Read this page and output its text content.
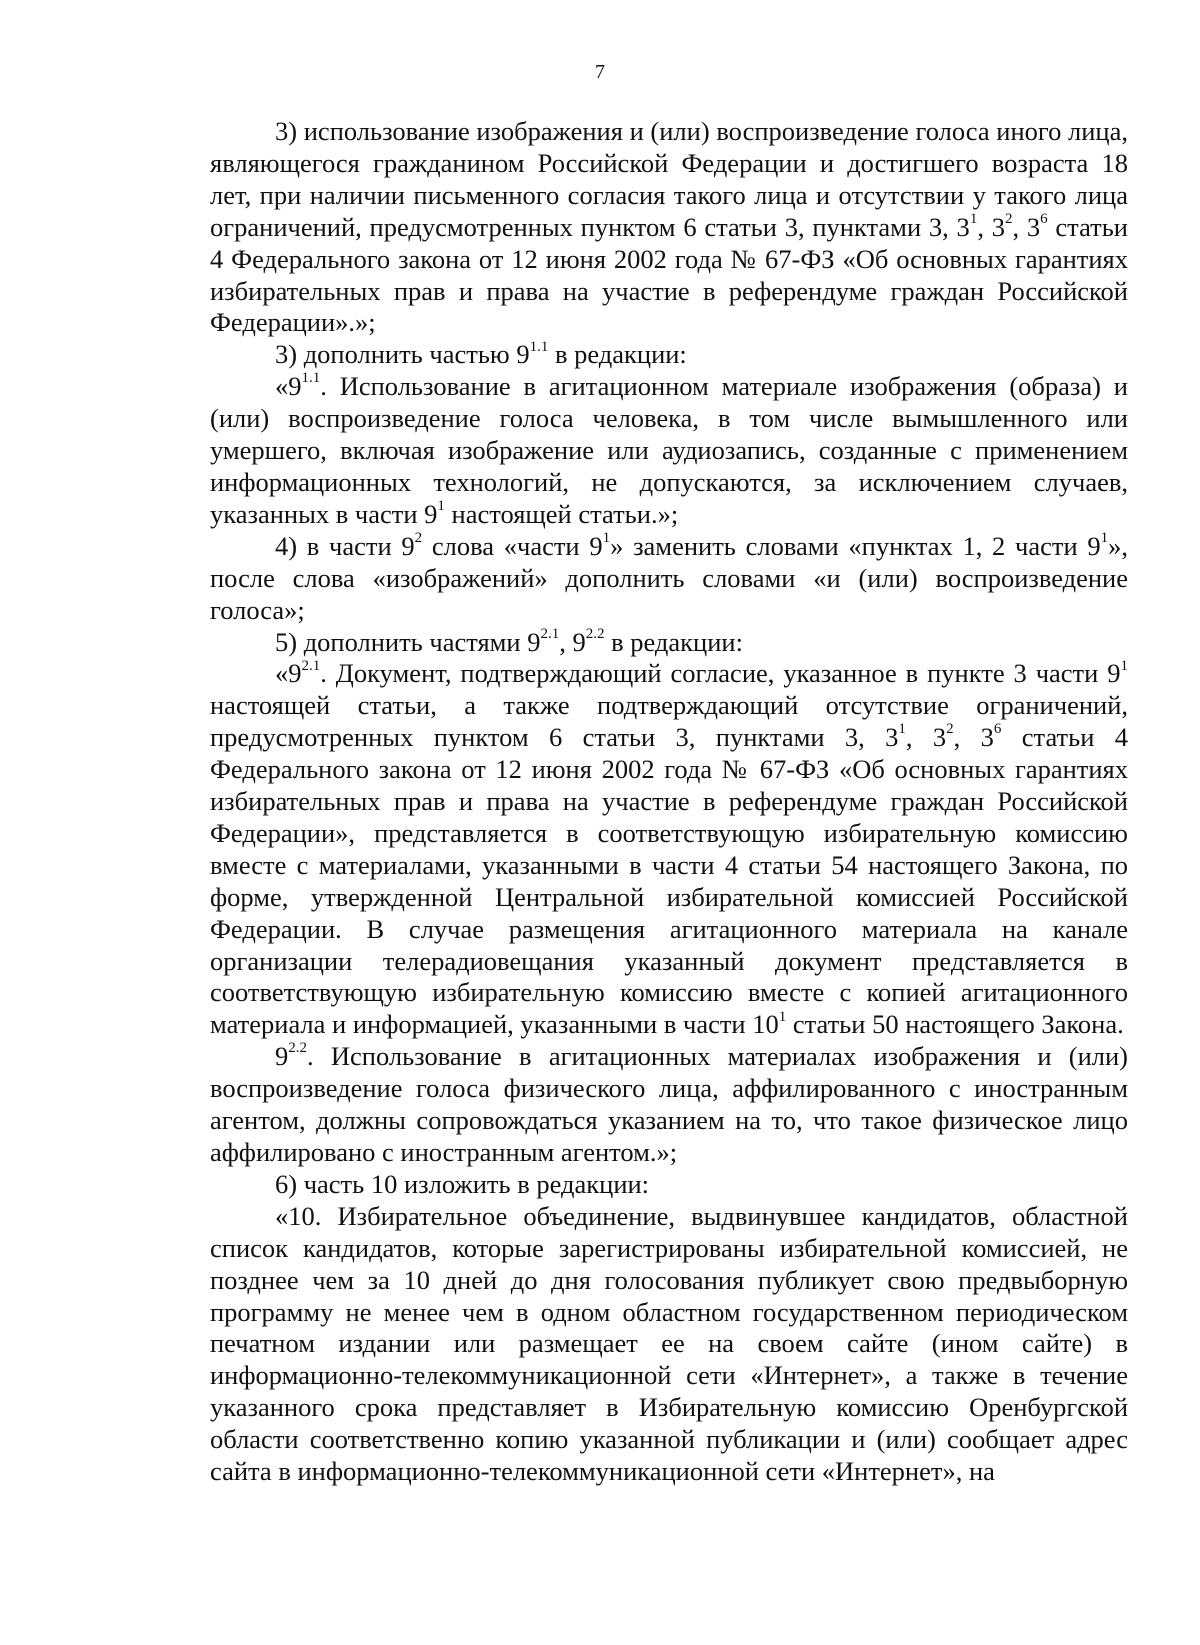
7

3) использование изображения и (или) воспроизведение голоса иного лица, являющегося гражданином Российской Федерации и достигшего возраста 18 лет, при наличии письменного согласия такого лица и отсутствии у такого лица ограничений, предусмотренных пунктом 6 статьи 3, пунктами 3, $3^1$, $3^2$, $3^6$ статьи 4 Федерального закона от 12 июня 2002 года № 67-ФЗ «Об основных гарантиях избирательных прав и права на участие в референдуме граждан Российской Федерации».»;

3) дополнить частью $9^{1.1}$ в редакции:

«$9^{1.1}$. Использование в агитационном материале изображения (образа) и (или) воспроизведение голоса человека, в том числе вымышленного или умершего, включая изображение или аудиозапись, созданные с применением информационных технологий, не допускаются, за исключением случаев, указанных в части $9^1$ настоящей статьи.»;

4) в части $9^2$ слова «части $9^1$» заменить словами «пунктах 1, 2 части $9^1$», после слова «изображений» дополнить словами «и (или) воспроизведение голоса»;

5) дополнить частями $9^{2.1}$, $9^{2.2}$ в редакции:

«$9^{2.1}$. Документ, подтверждающий согласие, указанное в пункте 3 части $9^1$ настоящей статьи, а также подтверждающий отсутствие ограничений, предусмотренных пунктом 6 статьи 3, пунктами 3, $3^1$, $3^2$, $3^6$ статьи 4 Федерального закона от 12 июня 2002 года № 67-ФЗ «Об основных гарантиях избирательных прав и права на участие в референдуме граждан Российской Федерации», представляется в соответствующую избирательную комиссию вместе с материалами, указанными в части 4 статьи 54 настоящего Закона, по форме, утвержденной Центральной избирательной комиссией Российской Федерации. В случае размещения агитационного материала на канале организации телерадиовещания указанный документ представляется в соответствующую избирательную комиссию вместе с копией агитационного материала и информацией, указанными в части $10^1$ статьи 50 настоящего Закона.

$9^{2.2}$. Использование в агитационных материалах изображения и (или) воспроизведение голоса физического лица, аффилированного с иностранным агентом, должны сопровождаться указанием на то, что такое физическое лицо аффилировано с иностранным агентом.»;

6) часть 10 изложить в редакции:

«10. Избирательное объединение, выдвинувшее кандидатов, областной список кандидатов, которые зарегистрированы избирательной комиссией, не позднее чем за 10 дней до дня голосования публикует свою предвыборную программу не менее чем в одном областном государственном периодическом печатном издании или размещает ее на своем сайте (ином сайте) в информационно-телекоммуникационной сети «Интернет», а также в течение указанного срока представляет в Избирательную комиссию Оренбургской области соответственно копию указанной публикации и (или) сообщает адрес сайта в информационно-телекоммуникационной сети «Интернет», на
